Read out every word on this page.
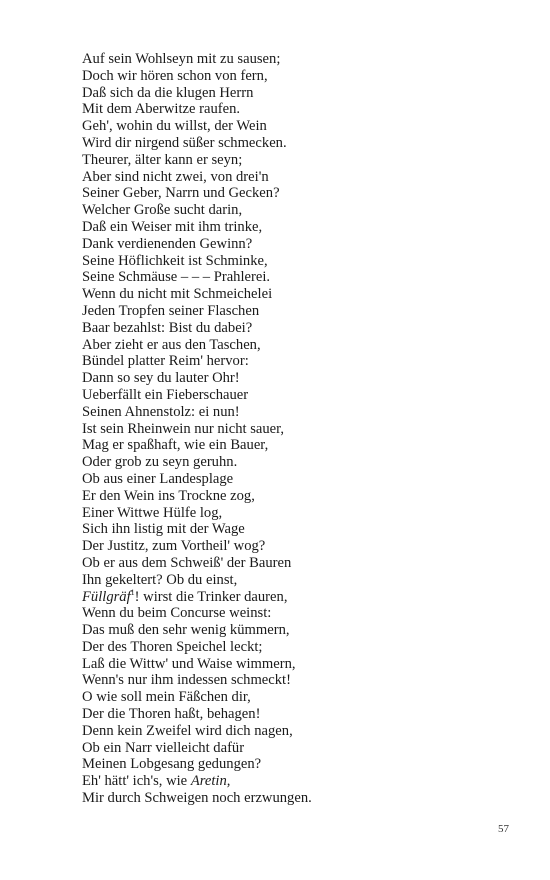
Auf sein Wohlseyn mit zu sausen;
Doch wir hören schon von fern,
Daß sich da die klugen Herrn
Mit dem Aberwitze raufen.
Geh', wohin du willst, der Wein
Wird dir nirgend süßer schmecken.
Theurer, älter kann er seyn;
Aber sind nicht zwei, von drei'n
Seiner Geber, Narrn und Gecken?
Welcher Große sucht darin,
Daß ein Weiser mit ihm trinke,
Dank verdienenden Gewinn?
Seine Höflichkeit ist Schminke,
Seine Schmäuse – – – Prahlerei.
Wenn du nicht mit Schmeichelei
Jeden Tropfen seiner Flaschen
Baar bezahlst: Bist du dabei?
Aber zieht er aus den Taschen,
Bündel platter Reim' hervor:
Dann so sey du lauter Ohr!
Ueberfällt ein Fieberschauer
Seinen Ahnenstolz: ei nun!
Ist sein Rheinwein nur nicht sauer,
Mag er spaßhaft, wie ein Bauer,
Oder grob zu seyn geruhn.
Ob aus einer Landesplage
Er den Wein ins Trockne zog,
Einer Wittwe Hülfe log,
Sich ihn listig mit der Wage
Der Justitz, zum Vortheil' wog?
Ob er aus dem Schweiß' der Bauren
Ihn gekeltert? Ob du einst,
Füllgräf$^1$! wirst die Trinker dauren,
Wenn du beim Concurse weinst:
Das muß den sehr wenig kümmern,
Der des Thoren Speichel leckt;
Laß die Wittw' und Waise wimmern,
Wenn's nur ihm indessen schmeckt!
O wie soll mein Fäßchen dir,
Der die Thoren haßt, behagen!
Denn kein Zweifel wird dich nagen,
Ob ein Narr vielleicht dafür
Meinen Lobgesang gedungen?
Eh' hätt' ich's, wie Aretin,
Mir durch Schweigen noch erzwungen.
57
